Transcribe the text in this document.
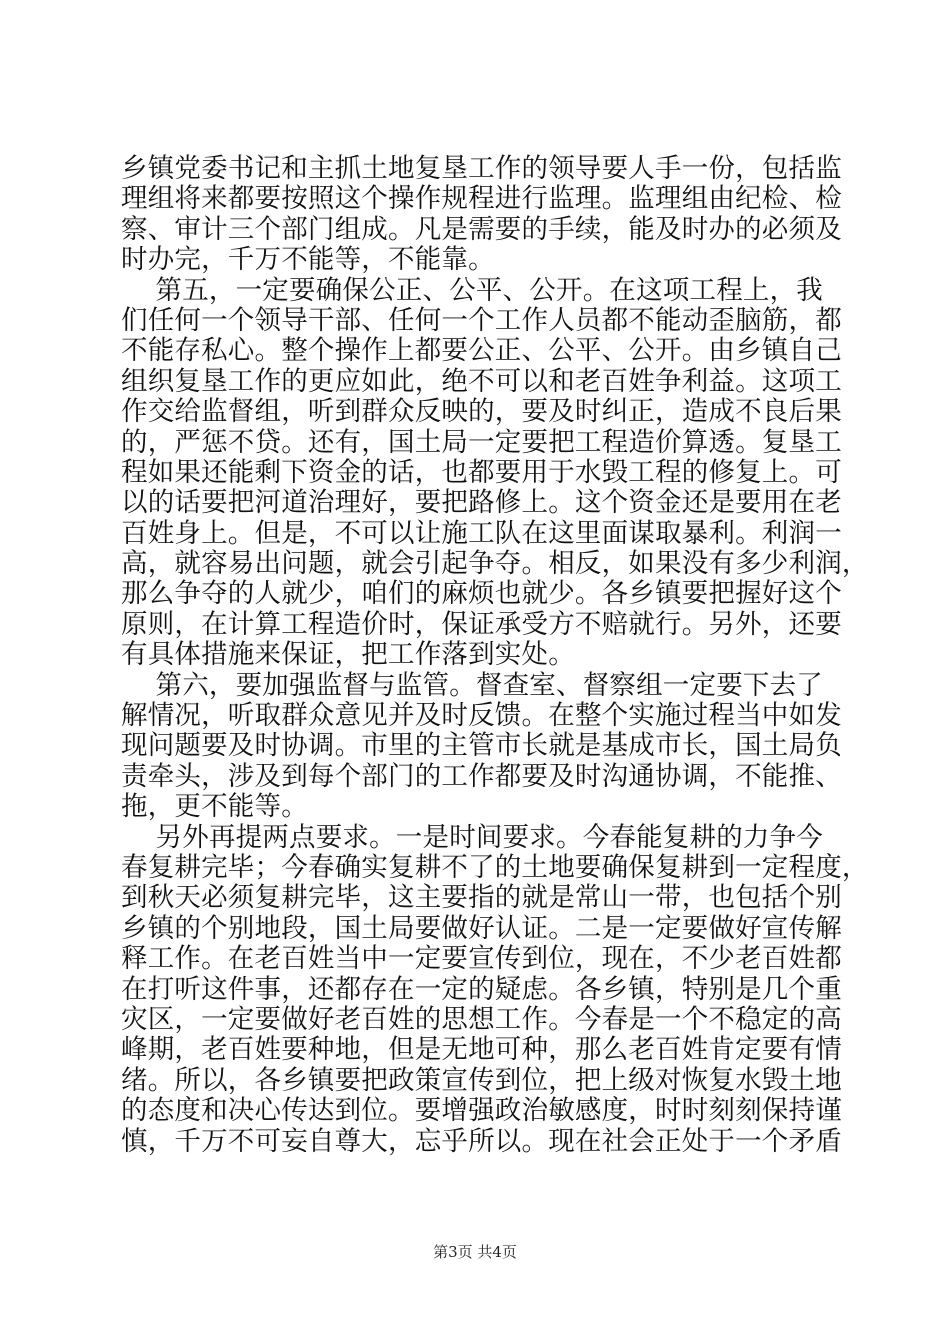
乡镇党委书记和主抓土地复垦工作的领导要人手一份，包括监
理组将来都要按照这个操作规程进行监理。监理组由纪检、检
察、审计三个部门组成。凡是需要的手续，能及时办的必须及
时办完，千万不能等，不能靠。
第五，一定要确保公正、公平、公开。在这项工程上，我
们任何一个领导干部、任何一个工作人员都不能动歪脑筋，都
不能存私心。整个操作上都要公正、公平、公开。由乡镇自己
组织复垦工作的更应如此，绝不可以和老百姓争利益。这项工
作交给监督组，听到群众反映的，要及时纠正，造成不良后果
的，严惩不贷。还有，国土局一定要把工程造价算透。复垦工
程如果还能剩下资金的话，也都要用于水毁工程的修复上。可
以的话要把河道治理好，要把路修上。这个资金还是要用在老
百姓身上。但是，不可以让施工队在这里面谋取暴利。利润一
高，就容易出问题，就会引起争夺。相反，如果没有多少利润，
那么争夺的人就少，咱们的麻烦也就少。各乡镇要把握好这个
原则，在计算工程造价时，保证承受方不赔就行。另外，还要
有具体措施来保证，把工作落到实处。
第六，要加强监督与监管。督查室、督察组一定要下去了
解情况，听取群众意见并及时反馈。在整个实施过程当中如发
现问题要及时协调。市里的主管市长就是基成市长，国土局负
责牵头，涉及到每个部门的工作都要及时沟通协调，不能推、
拖，更不能等。
另外再提两点要求。一是时间要求。今春能复耕的力争今
春复耕完毕；今春确实复耕不了的土地要确保复耕到一定程度，
到秋天必须复耕完毕，这主要指的就是常山一带，也包括个别
乡镇的个别地段，国土局要做好认证。二是一定要做好宣传解
释工作。在老百姓当中一定要宣传到位，现在，不少老百姓都
在打听这件事，还都存在一定的疑虑。各乡镇，特别是几个重
灾区，一定要做好老百姓的思想工作。今春是一个不稳定的高
峰期，老百姓要种地，但是无地可种，那么老百姓肯定要有情
绪。所以，各乡镇要把政策宣传到位，把上级对恢复水毁土地
的态度和决心传达到位。要增强政治敏感度，时时刻刻保持谨
慎，千万不可妄自尊大，忘乎所以。现在社会正处于一个矛盾
第3页 共4页
